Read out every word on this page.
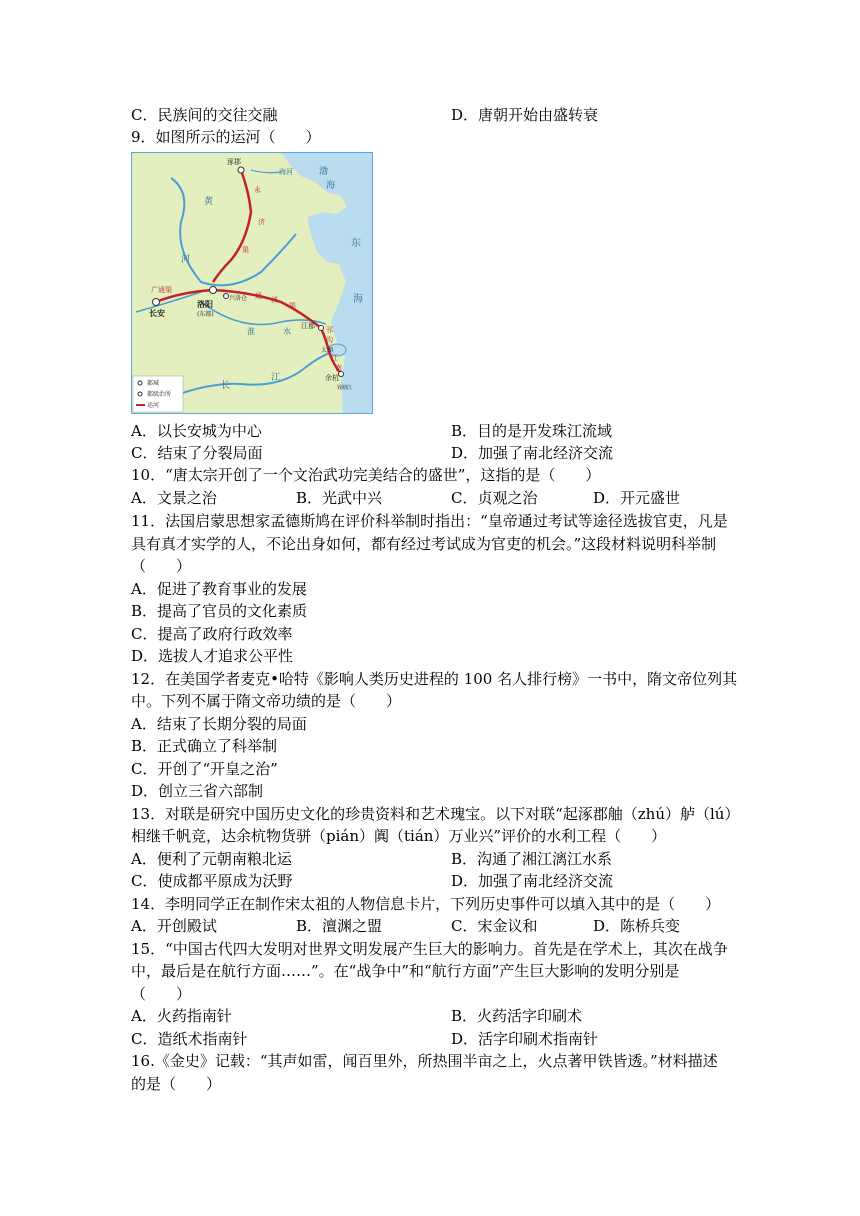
C．民族间的交往交融	D．唐朝开始由盛转衰
9．如图所示的运河（　　）
涿郡
海河	渤
海
黄
河
永
济
渠
广通渠
洛阳
(东都)
兴洛仓
长安
通 济
渠
淮	水
江都 邗
沟
江
南
太湖
余杭
钱塘江
东
海
长
江
都城
都级治所
运河
A．以长安城为中心	B．目的是开发珠江流域
C．结束了分裂局面	D．加强了南北经济交流
10．“唐太宗开创了一个文治武功完美结合的盛世”，这指的是（　　）
A．文景之治	B．光武中兴	C．贞观之治	D．开元盛世
11．法国启蒙思想家孟德斯鸠在评价科举制时指出：“皇帝通过考试等途径选拔官吏，凡是
具有真才实学的人，不论出身如何，都有经过考试成为官吏的机会。”这段材料说明科举制
（　　）
A．促进了教育事业的发展
B．提高了官员的文化素质
C．提高了政府行政效率
D．选拔人才追求公平性
12．在美国学者麦克•哈特《影响人类历史进程的 100 名人排行榜》一书中，隋文帝位列其
中。下列不属于隋文帝功绩的是（　　）
A．结束了长期分裂的局面
B．正式确立了科举制
C．开创了“开皇之治”
D．创立三省六部制
13．对联是研究中国历史文化的珍贵资料和艺术瑰宝。以下对联“起涿郡舳（zhú）舻（lú）
相继千帆竞，达余杭物货骈（pián）阗（tián）万业兴”评价的水利工程（　　）
A．便利了元朝南粮北运	B．沟通了湘江漓江水系
C．使成都平原成为沃野	D．加强了南北经济交流
14．李明同学正在制作宋太祖的人物信息卡片，下列历史事件可以填入其中的是（　　）
A．开创殿试	B．澶渊之盟	C．宋金议和	D．陈桥兵变
15．“中国古代四大发明对世界文明发展产生巨大的影响力。首先是在学术上，其次在战争
中，最后是在航行方面……”。在“战争中”和“航行方面”产生巨大影响的发明分别是
（　　）
A．火药指南针	B．火药活字印刷术
C．造纸术指南针	D．活字印刷术指南针
16.《金史》记载：“其声如雷，闻百里外，所热围半亩之上，火点著甲铁皆透。”材料描述
的是（　　）
